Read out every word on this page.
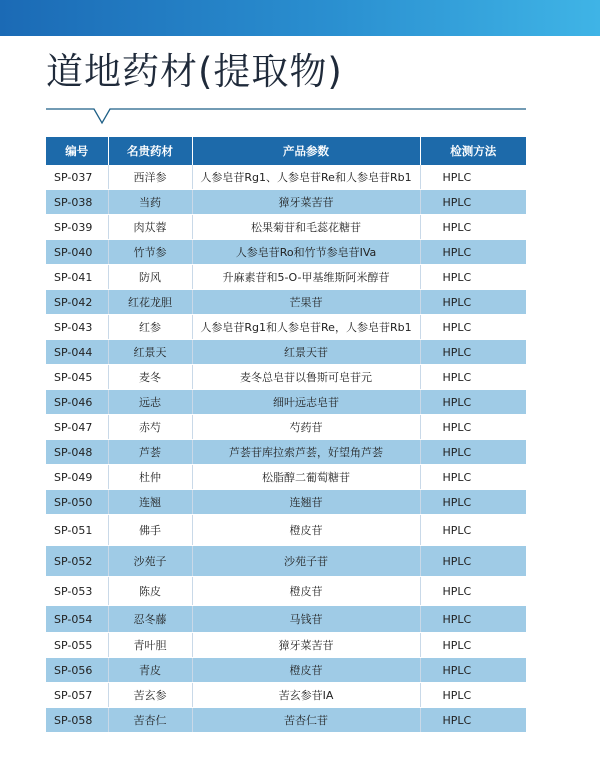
道地药材(提取物)
编号	名贵药材	产品参数	检测方法
SP-037	西洋参	人参皂苷Rg1、人参皂苷Re和人参皂苷Rb1	HPLC
SP-038	当药	獐牙菜苦苷	HPLC
SP-039	肉苁蓉	松果菊苷和毛蕊花糖苷	HPLC
SP-040	竹节参	人参皂苷Ro和竹节参皂苷IVa	HPLC
SP-041	防风	升麻素苷和5-O-甲基维斯阿米醇苷	HPLC
SP-042	红花龙胆	芒果苷	HPLC
SP-043	红参	人参皂苷Rg1和人参皂苷Re，人参皂苷Rb1	HPLC
SP-044	红景天	红景天苷	HPLC
SP-045	麦冬	麦冬总皂苷以鲁斯可皂苷元	HPLC
SP-046	远志	细叶远志皂苷	HPLC
SP-047	赤芍	芍药苷	HPLC
SP-048	芦荟	芦荟苷库拉索芦荟，好望角芦荟	HPLC
SP-049	杜仲	松脂醇二葡萄糖苷	HPLC
SP-050	连翘	连翘苷	HPLC
SP-051	佛手	橙皮苷	HPLC
SP-052	沙苑子	沙苑子苷	HPLC
SP-053	陈皮	橙皮苷	HPLC
SP-054	忍冬藤	马钱苷	HPLC
SP-055	青叶胆	獐牙菜苦苷	HPLC
SP-056	青皮	橙皮苷	HPLC
SP-057	苦玄参	苦玄参苷ⅠA	HPLC
SP-058	苦杏仁	苦杏仁苷	HPLC
